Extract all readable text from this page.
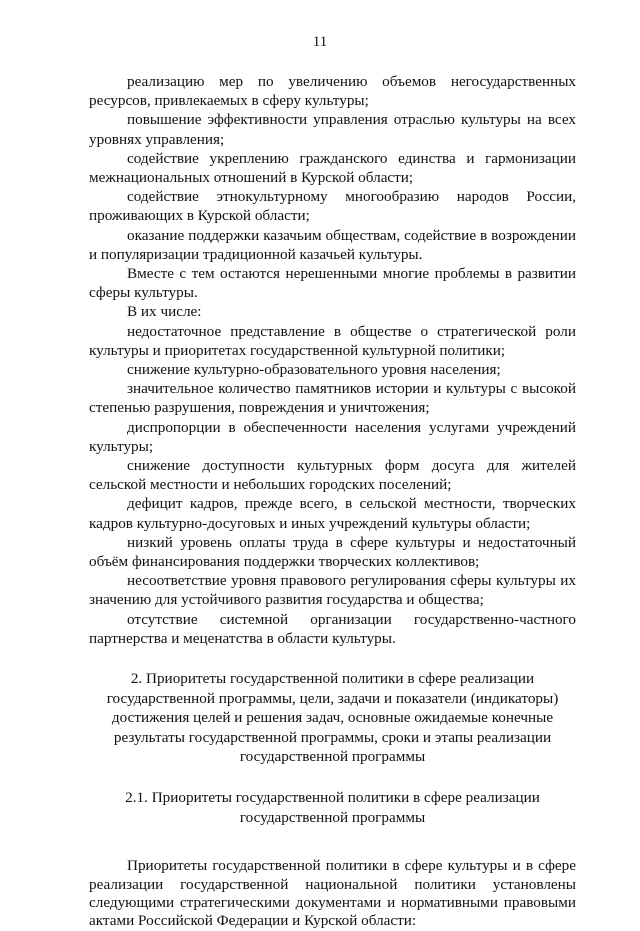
11

реализацию мер по увеличению объемов негосударственных ресурсов, привлекаемых в сферу культуры;

повышение эффективности управления отраслью культуры на всех уровнях управления;

содействие укреплению гражданского единства и гармонизации межнациональных отношений в Курской области;

содействие этнокультурному многообразию народов России, проживающих в Курской области;

оказание поддержки казачьим обществам, содействие в возрождении и популяризации традиционной казачьей культуры.

Вместе с тем остаются нерешенными многие проблемы в развитии сферы культуры.

В их числе:

недостаточное представление в обществе о стратегической роли культуры и приоритетах государственной культурной политики;

снижение культурно-образовательного уровня населения;

значительное количество памятников истории и культуры с высокой степенью разрушения, повреждения и уничтожения;

диспропорции в обеспеченности населения услугами учреждений культуры;

снижение доступности культурных форм досуга для жителей сельской местности и небольших городских поселений;

дефицит кадров, прежде всего, в сельской местности, творческих кадров культурно-досуговых и иных учреждений культуры области;

низкий уровень оплаты труда в сфере культуры и недостаточный объём финансирования поддержки творческих коллективов;

несоответствие уровня правового регулирования сферы культуры их значению для устойчивого развития государства и общества;

отсутствие системной организации государственно-частного партнерства и меценатства в области культуры.

2. Приоритеты государственной политики в сфере реализации государственной программы, цели, задачи и показатели (индикаторы) достижения целей и решения задач, основные ожидаемые конечные результаты государственной программы, сроки и этапы реализации государственной программы

2.1. Приоритеты государственной политики в сфере реализации государственной программы

Приоритеты государственной политики в сфере культуры и в сфере реализации государственной национальной политики установлены следующими стратегическими документами и нормативными правовыми актами Российской Федерации и Курской области:
